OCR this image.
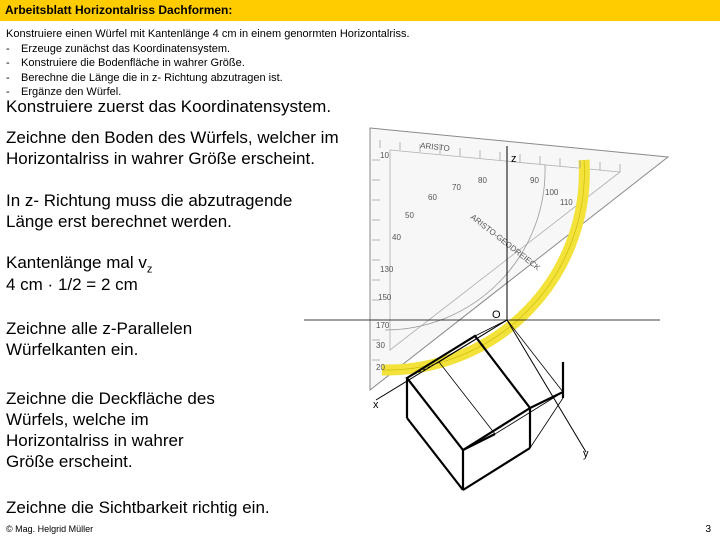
Arbeitsblatt Horizontalriss Dachformen:
Konstruiere einen Würfel mit Kantenlänge 4 cm in einem genormten Horizontalriss.
- Erzeuge zunächst das Koordinatensystem.
- Konstruiere die Bodenfläche in wahrer Größe.
- Berechne die Länge die in z- Richtung abzutragen ist.
- Ergänze den Würfel.
10
50
60
70
80	90
100
110
40
130
150
170
30
20
ARISTO
ARISTO-GEODREIECK
z
x
y
O
Konstruiere zuerst das Koordinatensystem.
Zeichne den Boden des Würfels, welcher im
Horizontalriss in wahrer Größe erscheint.
In z- Richtung muss die abzutragende
Länge erst berechnet werden.
Kantenlänge mal $v_z$
4 cm · 1/2 = 2 cm
Zeichne alle z-Parallelen
Würfelkanten ein.
Zeichne die Deckfläche des
Würfels, welche im
Horizontalriss in wahrer
Größe erscheint.
Zeichne die Sichtbarkeit richtig ein.
© Mag. Helgrid Müller	3
